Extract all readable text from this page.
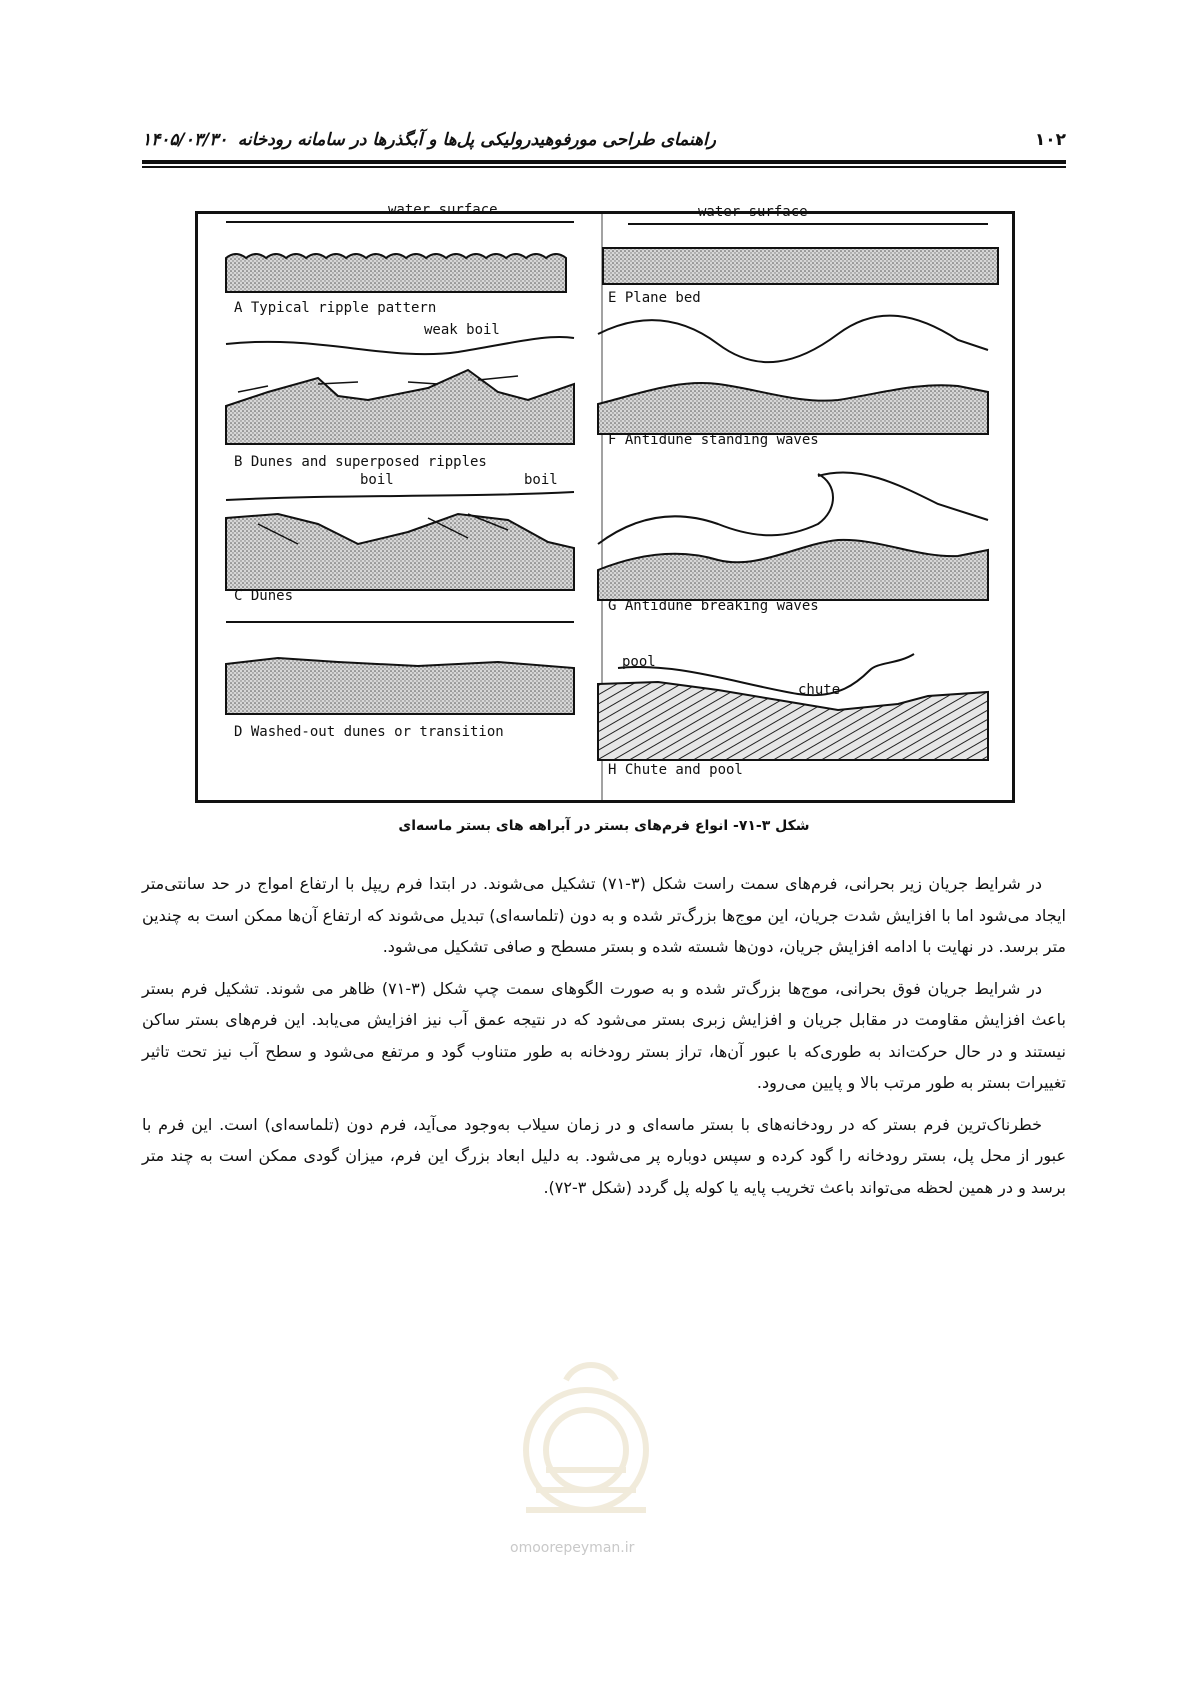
۱۰۲
راهنمای طراحی مورفوهیدرولیکی پل‌ها و آبگذرها در سامانه رودخانه
۱۴۰۵/۰۳/۳۰
water surface	water surface
A Typical ripple pattern
weak boil
B Dunes and superposed ripples
boil	boil
C Dunes
D Washed-out dunes or transition
E Plane bed
F Antidune standing waves
G Antidune breaking waves
pool
chute
H Chute and pool
شکل ۳-۷۱- انواع فرم‌های بستر در آبراهه های بستر ماسه‌ای

در شرایط جریان زیر بحرانی، فرم‌های سمت راست شکل (۳-۷۱) تشکیل می‌شوند. در ابتدا فرم ریپل با ارتفاع امواج در حد سانتی‌متر ایجاد می‌شود اما با افزایش شدت جریان، این موج‌ها بزرگ‌تر شده و به دون (تلماسه‌ای) تبدیل می‌شوند که ارتفاع آن‌ها ممکن است به چندین متر برسد. در نهایت با ادامه افزایش جریان، دون‌ها شسته شده و بستر مسطح و صافی تشکیل می‌شود.

در شرایط جریان فوق بحرانی، موج‌ها بزرگ‌تر شده و به صورت الگوهای سمت چپ شکل (۳-۷۱) ظاهر می شوند. تشکیل فرم بستر باعث افزایش مقاومت در مقابل جریان و افزایش زبری بستر می‌شود که در نتیجه عمق آب نیز افزایش می‌یابد. این فرم‌های بستر ساکن نیستند و در حال حرکت‌اند به طوری‌که با عبور آن‌ها، تراز بستر رودخانه به طور متناوب گود و مرتفع می‌شود و سطح آب نیز تحت تاثیر تغییرات بستر به طور مرتب بالا و پایین می‌رود.

خطرناک‌ترین فرم بستر که در رودخانه‌های با بستر ماسه‌ای و در زمان سیلاب به‌وجود می‌آید، فرم دون (تلماسه‌ای) است. این فرم با عبور از محل پل، بستر رودخانه را گود کرده و سپس دوباره پر می‌شود. به دلیل ابعاد بزرگ این فرم، میزان گودی ممکن است به چند متر برسد و در همین لحظه می‌تواند باعث تخریب پایه یا کوله پل گردد (شکل ۳-۷۲).

omoorepeyman.ir
